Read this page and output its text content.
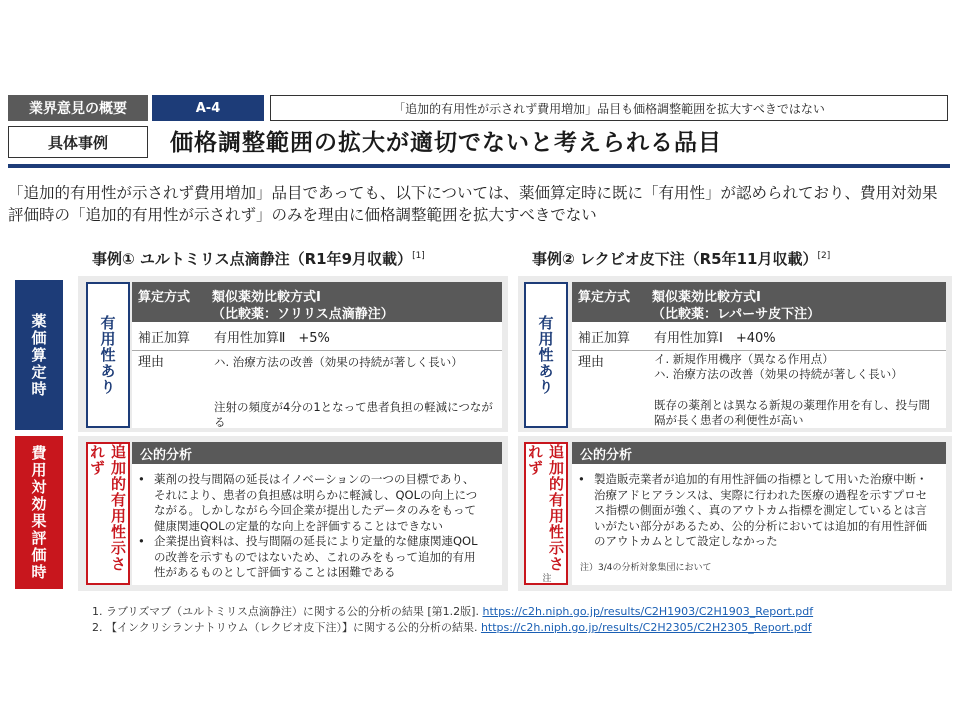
業界意見の概要	A-4	「追加的有用性が示されず費用増加」品目も価格調整範囲を拡大すべきではない
具体事例	価格調整範囲の拡大が適切でないと考えられる品目
「追加的有用性が示されず費用増加」品目であっても、以下については、薬価算定時に既に「有用性」が認められており、費用対効果評価時の「追加的有用性が示されず」のみを理由に価格調整範囲を拡大すべきでない
事例① ユルトミリス点滴静注（R1年9月収載）[1]	事例② レクビオ皮下注（R5年11月収載）[2]
薬価算定時
費用対効果評価時
有用性あり
算定方式 類似薬効比較方式Ⅰ
（比較薬：ソリリス点滴静注）
補正加算 有用性加算Ⅱ　+5%
理由	ハ. 治療方法の改善（効果の持続が著しく長い）
注射の頻度が4分の1となって患者負担の軽減につながる
有用性あり
算定方式 類似薬効比較方式Ⅰ
（比較薬：レパーサ皮下注）
補正加算 有用性加算Ⅰ　+40%
理由	イ. 新規作用機序（異なる作用点）
ハ. 治療方法の改善（効果の持続が著しく長い）
既存の薬剤とは異なる新規の薬理作用を有し、投与間隔が長く患者の利便性が高い
追加的有用性示されず	公的分析
• 薬剤の投与間隔の延長はイノベーションの一つの目標であり、それにより、患者の負担感は明らかに軽減し、QOLの向上につながる。しかしながら今回企業が提出したデータのみをもって健康関連QOLの定量的な向上を評価することはできない
• 企業提出資料は、投与間隔の延長により定量的な健康関連QOLの改善を示すものではないため、これのみをもって追加的有用性があるものとして評価することは困難である	追加的有用性示されず
注
公的分析
• 製造販売業者が追加的有用性評価の指標として用いた治療中断・治療アドヒアランスは、実際に行われた医療の過程を示すプロセス指標の側面が強く、真のアウトカム指標を測定しているとは言いがたい部分があるため、公的分析においては追加的有用性評価のアウトカムとして設定しなかった
注）3/4の分析対象集団において
1. ラブリズマブ（ユルトミリス点滴静注）に関する公的分析の結果 [第1.2版]. https://c2h.niph.go.jp/results/C2H1903/C2H1903_Report.pdf
2. 【インクリシランナトリウム（レクビオ皮下注）】に関する公的分析の結果. https://c2h.niph.go.jp/results/C2H2305/C2H2305_Report.pdf
